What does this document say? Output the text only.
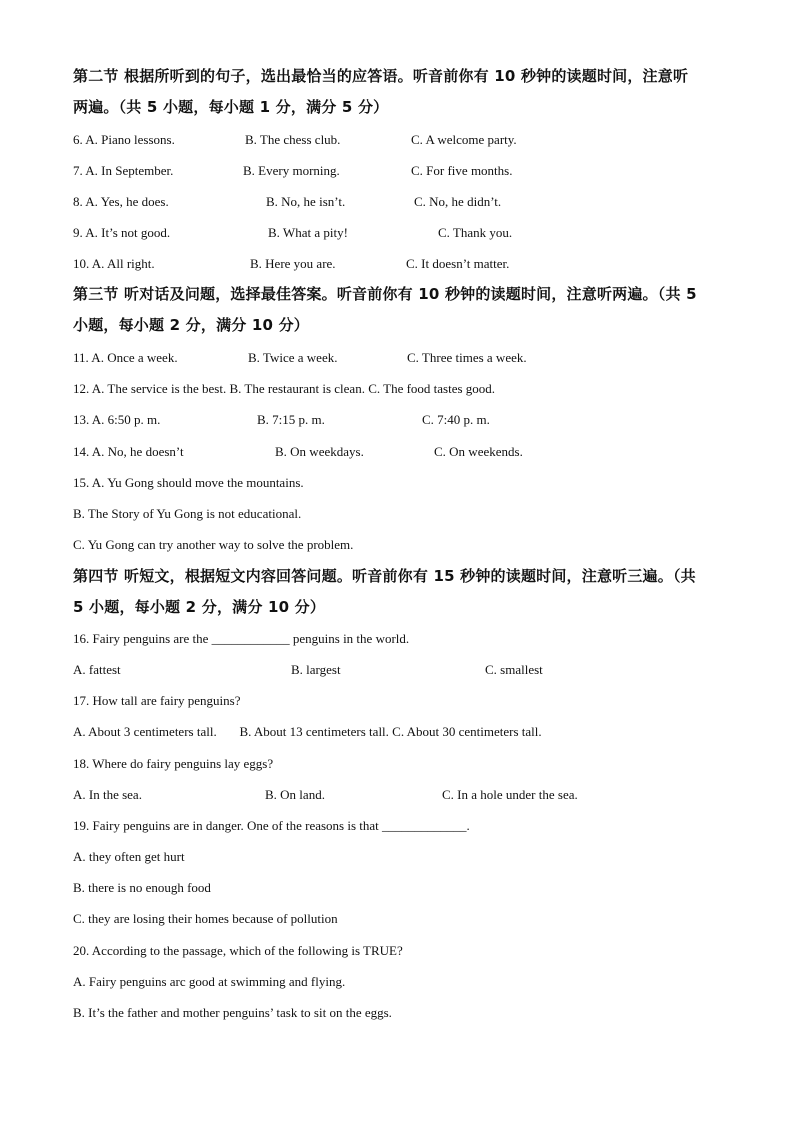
第二节 根据所听到的句子，选出最恰当的应答语。听音前你有 10 秒钟的读题时间，注意听
两遍。（共 5 小题，每小题 1 分，满分 5 分）
6. A. Piano lessons.	B. The chess club.	C. A welcome party.
7. A. In September.	B. Every morning.	C. For five months.
8. A. Yes, he does.	B. No, he isn’t.	C. No, he didn’t.
9. A. It’s not good.	B. What a pity!	C. Thank you.
10. A. All right.	B. Here you are.	C. It doesn’t matter.
第三节 听对话及问题，选择最佳答案。听音前你有 10 秒钟的读题时间，注意听两遍。（共 5
小题，每小题 2 分，满分 10 分）
11. A. Once a week.	B. Twice a week.	C. Three times a week.
12. A. The service is the best. B. The restaurant is clean. C. The food tastes good.
13. A. 6:50 p. m.	B. 7:15 p. m.	C. 7:40 p. m.
14. A. No, he doesn’t	B. On weekdays.	C. On weekends.
15. A. Yu Gong should move the mountains.
B. The Story of Yu Gong is not educational.
C. Yu Gong can try another way to solve the problem.
第四节 听短文，根据短文内容回答问题。听音前你有 15 秒钟的读题时间，注意听三遍。（共
5 小题，每小题 2 分，满分 10 分）
16. Fairy penguins are the ____________ penguins in the world.
A. fattest	B. largest	C. smallest
17. How tall are fairy penguins?
A. About 3 centimeters tall.       B. About 13 centimeters tall. C. About 30 centimeters tall.
18. Where do fairy penguins lay eggs?
A. In the sea.	B. On land.	C. In a hole under the sea.
19. Fairy penguins are in danger. One of the reasons is that _____________.
A. they often get hurt
B. there is no enough food
C. they are losing their homes because of pollution
20. According to the passage, which of the following is TRUE?
A. Fairy penguins arc good at swimming and flying.
B. It’s the father and mother penguins’ task to sit on the eggs.
